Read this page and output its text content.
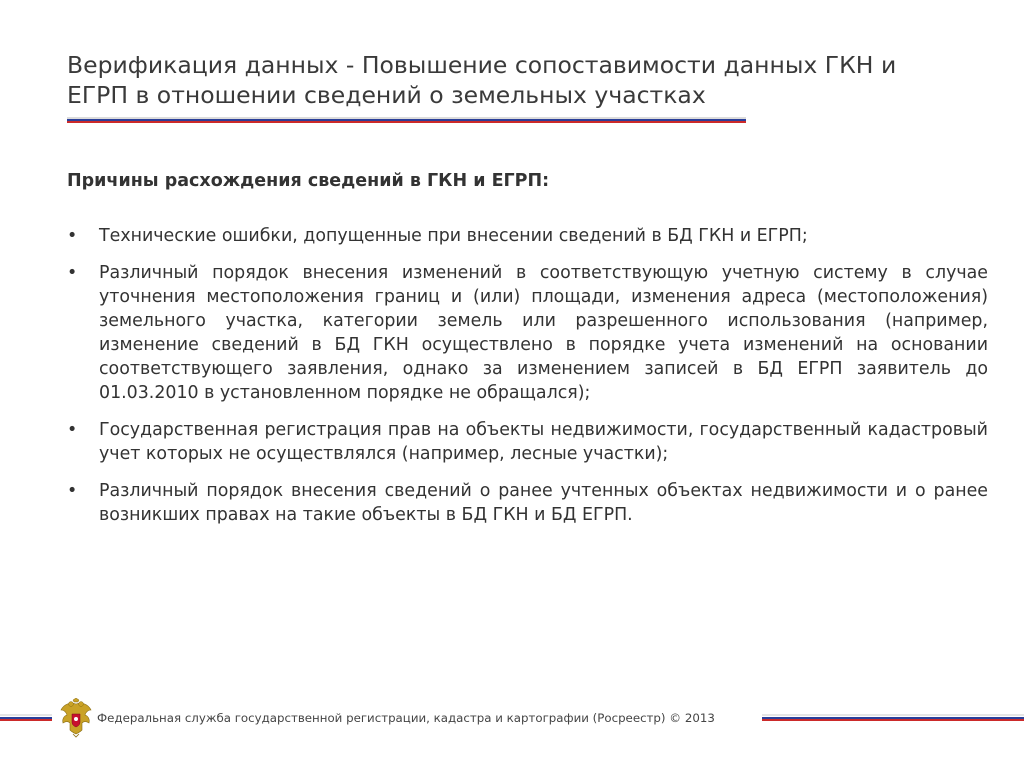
Верификация данных - Повышение сопоставимости данных ГКН и
ЕГРП в отношении сведений о земельных участках
Причины расхождения сведений в ГКН и ЕГРП:
• Технические ошибки, допущенные при внесении сведений в БД ГКН и ЕГРП;
• Различный порядок внесения изменений в соответствующую учетную систему в случае уточнения местоположения границ и (или) площади, изменения адреса (местоположения) земельного участка, категории земель или разрешенного использования (например, изменение сведений в БД ГКН осуществлено в порядке учета изменений на основании соответствующего заявления, однако за изменением записей в БД ЕГРП заявитель до 01.03.2010 в установленном порядке не обращался);
• Государственная регистрация прав на объекты недвижимости, государственный кадастровый учет которых не осуществлялся (например, лесные участки);
• Различный порядок внесения сведений о ранее учтенных объектах недвижимости и о ранее возникших правах на такие объекты в БД ГКН и БД ЕГРП.
Федеральная служба государственной регистрации, кадастра и картографии (Росреестр) © 2013
